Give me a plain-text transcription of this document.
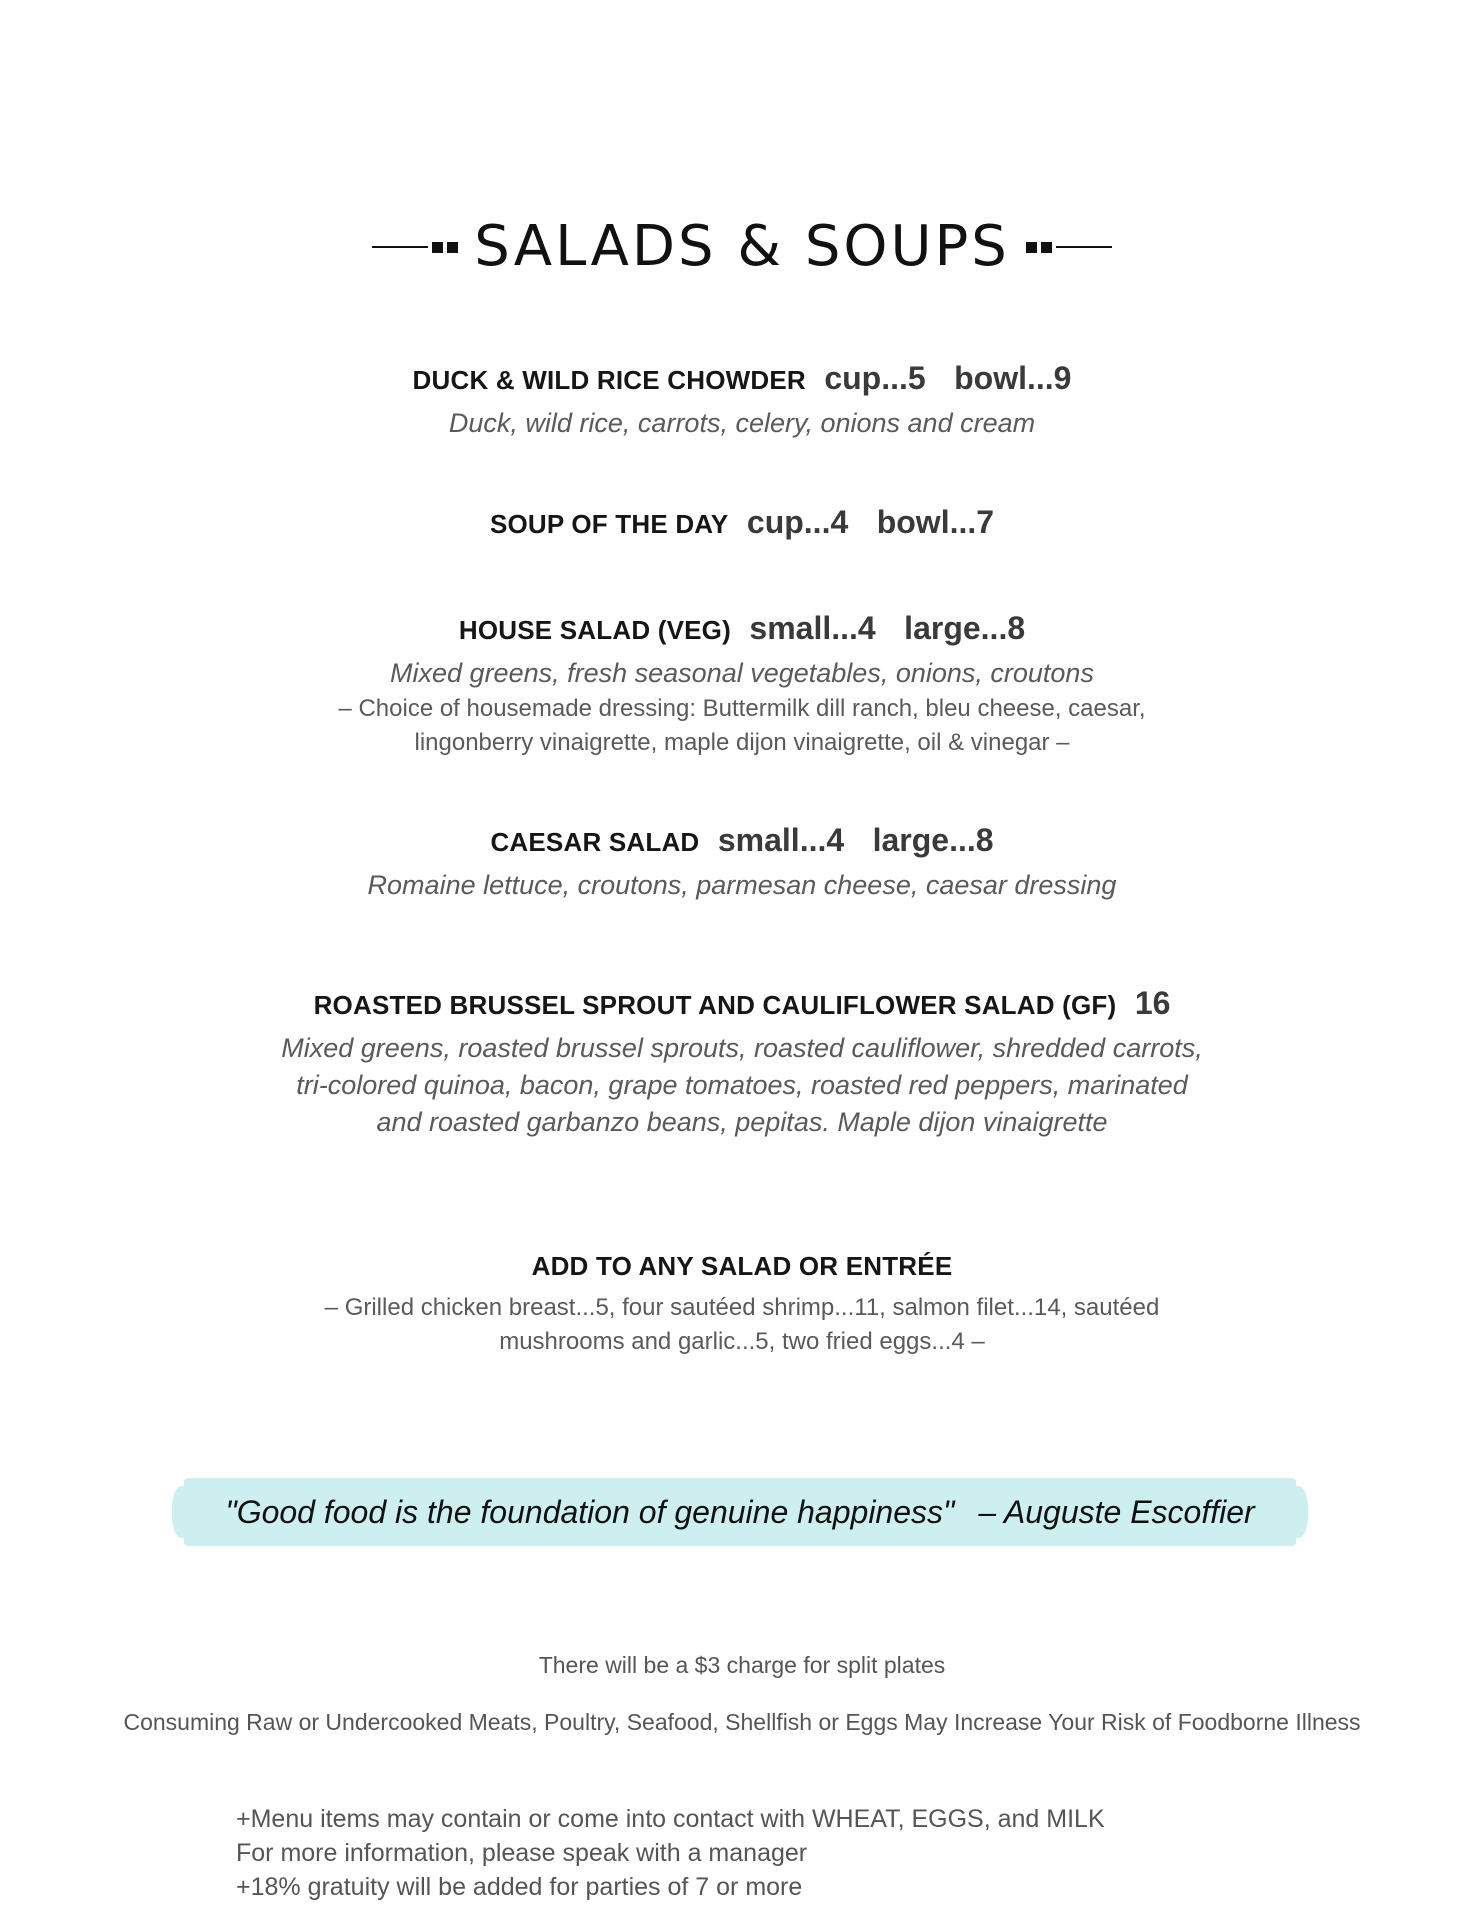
SALADS & SOUPS
DUCK & WILD RICE CHOWDER cup...5 bowl...9
Duck, wild rice, carrots, celery, onions and cream
SOUP OF THE DAY cup...4 bowl...7
HOUSE SALAD (VEG) small...4 large...8
Mixed greens, fresh seasonal vegetables, onions, croutons
– Choice of housemade dressing: Buttermilk dill ranch, bleu cheese, caesar,
lingonberry vinaigrette, maple dijon vinaigrette, oil & vinegar –
CAESAR SALAD small...4 large...8
Romaine lettuce, croutons, parmesan cheese, caesar dressing
ROASTED BRUSSEL SPROUT AND CAULIFLOWER SALAD (GF) 16
Mixed greens, roasted brussel sprouts, roasted cauliflower, shredded carrots,
tri-colored quinoa, bacon, grape tomatoes, roasted red peppers, marinated
and roasted garbanzo beans, pepitas. Maple dijon vinaigrette
ADD TO ANY SALAD OR ENTRÉE
– Grilled chicken breast...5, four sautéed shrimp...11, salmon filet...14, sautéed
mushrooms and garlic...5, two fried eggs...4 –
"Good food is the foundation of genuine happiness" – Auguste Escoffier
There will be a $3 charge for split plates
Consuming Raw or Undercooked Meats, Poultry, Seafood, Shellfish or Eggs May Increase Your Risk of Foodborne Illness
+Menu items may contain or come into contact with WHEAT, EGGS, and MILK
For more information, please speak with a manager
+18% gratuity will be added for parties of 7 or more
